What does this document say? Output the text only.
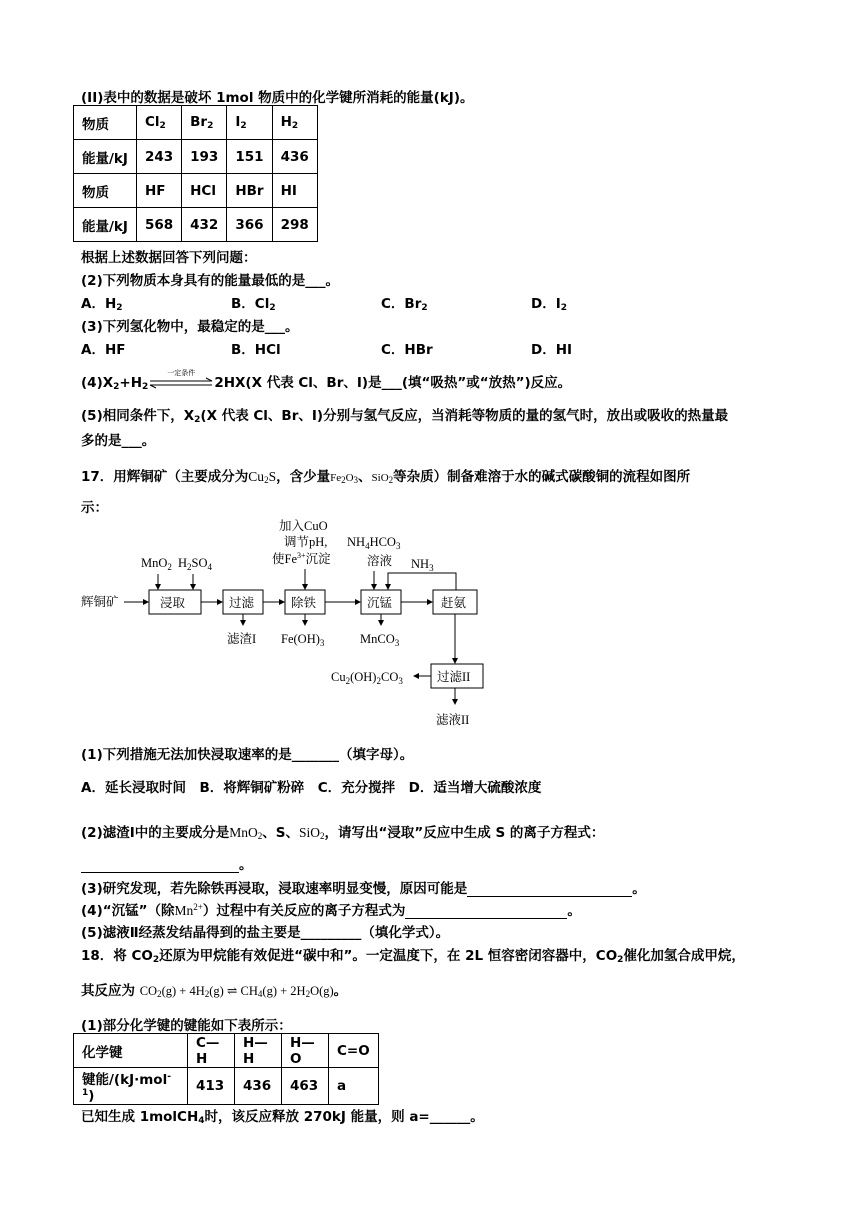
(II)表中的数据是破坏 1mol 物质中的化学键所消耗的能量(kJ)。
物质	$Cl_2$	$Br_2$	$I_2$	$H_2$
能量/kJ	243	193	151	436
物质	HF	HCl	HBr	HI
能量/kJ	568	432	366	298
根据上述数据回答下列问题：
(2)下列物质本身具有的能量最低的是___。
A．$H_2$	B．$Cl_2$	C．$Br_2$	D．$I_2$
(3)下列氢化物中，最稳定的是___。
A．HF	B．HCl	C．HBr	D．HI
$(4)X_2+H_2$
一定条件
2HX(X 代表 Cl、Br、I)是___(填“吸热”或“放热”)反应。
(5)相同条件下，$X_2(X$ 代表 Cl、Br、I)分别与氢气反应，当消耗等物质的量的氢气时，放出或吸收的热量最
多的是___。
17．用辉铜矿（主要成分为$Cu_2S$，含少量$Fe_2O_3$、SiO$_2$等杂质）制备难溶于水的碱式碳酸铜的流程如图所
示：
辉铜矿	浸取	过滤	除铁	沉锰	赶氨
MnO$_2$ $H_2SO_4$
加入CuO
调节pH,
使$Fe^{3+}$沉淀
$NH_4HCO_3$
溶液 $NH_3$
滤渣I $Fe(OH)_3$	MnCO$_3$
过滤II
$Cu_2(OH)_2CO_3$
滤液II
(1)下列措施无法加快浸取速率的是_______（填字母）。
A．延长浸取时间　B．将辉铜矿粉碎　C．充分搅拌　D．适当增大硫酸浓度
(2)滤渣Ⅰ中的主要成分是MnO$_2$、S、SiO$_2$，请写出“浸取”反应中生成 S 的离子方程式：
。
(3)研究发现，若先除铁再浸取，浸取速率明显变慢，原因可能是	。
(4)“沉锰”（除$Mn^{2+}$）过程中有关反应的离子方程式为	。
(5)滤液Ⅱ经蒸发结晶得到的盐主要是_________（填化学式）。
18．将 $CO_2$还原为甲烷能有效促进“碳中和”。一定温度下，在 2L 恒容密闭容器中，$CO_2$催化加氢合成甲烷，
其反应为 $CO_2(g) + 4H_2(g)$ ⇌ $CH_4(g) + 2H_2O(g)$。
(1)部分化学键的键能如下表所示：
化学键	C—H	H—H	H—O	C=O
键能/(kJ·mol$^{-1}$)	413	436	463	a
已知生成 1molCH$_4$时，该反应释放 270kJ 能量，则 a=______。
